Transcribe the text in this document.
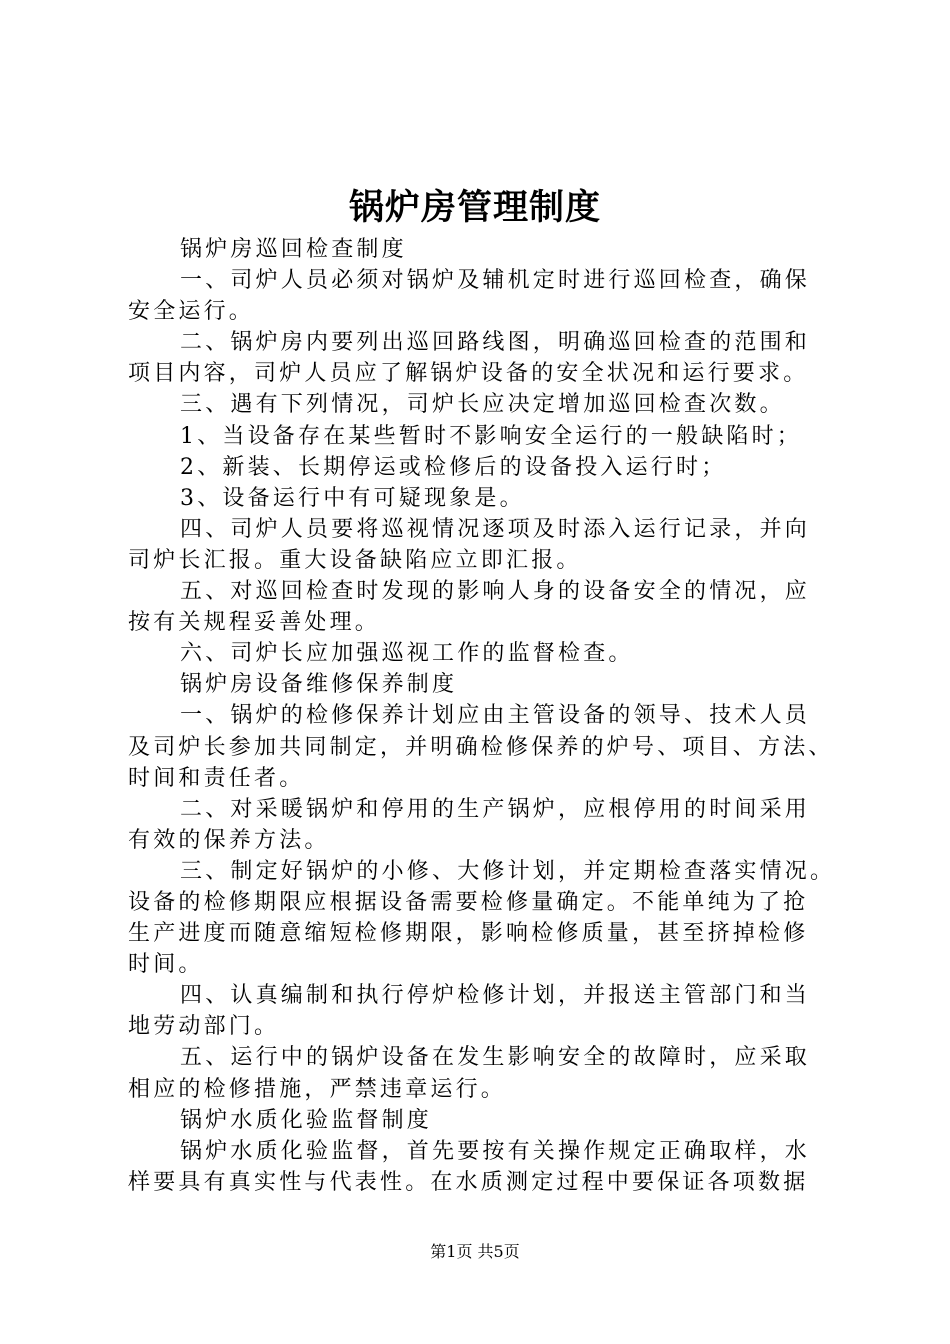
锅炉房管理制度
锅炉房巡回检查制度
一、司炉人员必须对锅炉及辅机定时进行巡回检查，确保
安全运行。
二、锅炉房内要列出巡回路线图，明确巡回检查的范围和
项目内容，司炉人员应了解锅炉设备的安全状况和运行要求。
三、遇有下列情况，司炉长应决定增加巡回检查次数。
1、当设备存在某些暂时不影响安全运行的一般缺陷时；
2、新装、长期停运或检修后的设备投入运行时；
3、设备运行中有可疑现象是。
四、司炉人员要将巡视情况逐项及时添入运行记录，并向
司炉长汇报。重大设备缺陷应立即汇报。
五、对巡回检查时发现的影响人身的设备安全的情况，应
按有关规程妥善处理。
六、司炉长应加强巡视工作的监督检查。
锅炉房设备维修保养制度
一、锅炉的检修保养计划应由主管设备的领导、技术人员
及司炉长参加共同制定，并明确检修保养的炉号、项目、方法、
时间和责任者。
二、对采暖锅炉和停用的生产锅炉，应根停用的时间采用
有效的保养方法。
三、制定好锅炉的小修、大修计划，并定期检查落实情况。
设备的检修期限应根据设备需要检修量确定。不能单纯为了抢
生产进度而随意缩短检修期限，影响检修质量，甚至挤掉检修
时间。
四、认真编制和执行停炉检修计划，并报送主管部门和当
地劳动部门。
五、运行中的锅炉设备在发生影响安全的故障时，应采取
相应的检修措施，严禁违章运行。
锅炉水质化验监督制度
锅炉水质化验监督，首先要按有关操作规定正确取样，水
样要具有真实性与代表性。在水质测定过程中要保证各项数据
第1页 共5页
